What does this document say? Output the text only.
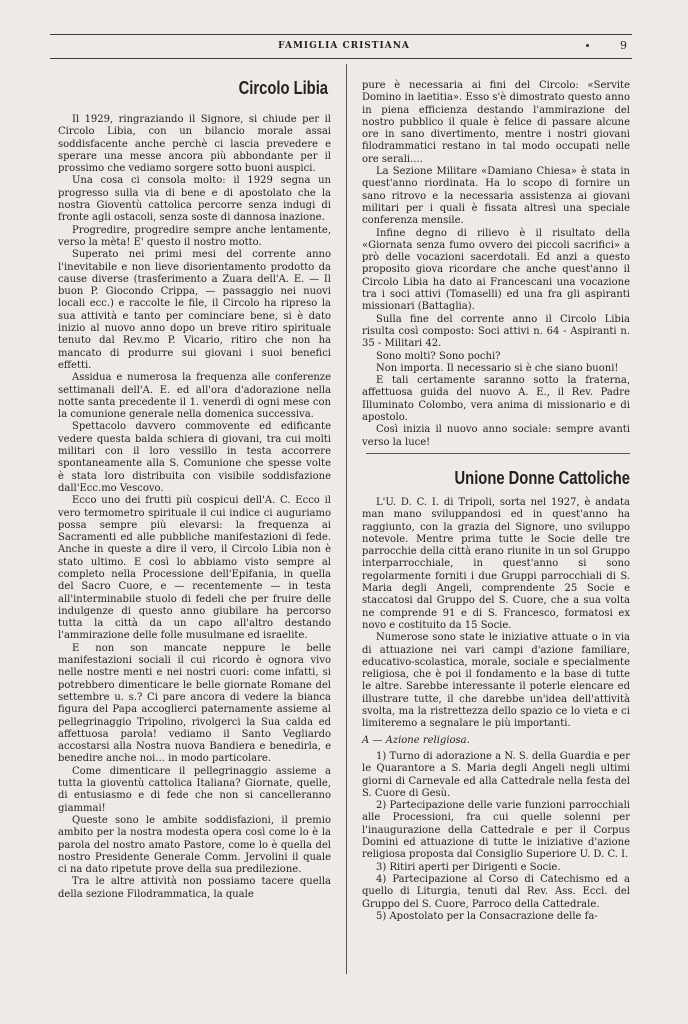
FAMIGLIA CRISTIANA	9
Circolo Libia

Il 1929, ringraziando il Signore, si chiude per il Circolo Libia, con un bilancio morale assai soddisfacente anche perchè ci lascia prevedere e sperare una messe ancora più abbondante per il prossimo che vediamo sorgere sotto buoni auspici.

Una cosa ci consola molto: il 1929 segna un progresso sulla via di bene e di apostolato che la nostra Gioventù cattolica percorre senza indugi di fronte agli ostacoli, senza soste di dannosa inazione.

Progredire, progredire sempre anche lentamente, verso la mèta! E' questo il nostro motto.

Superato nei primi mesi del corrente anno l'inevitabile e non lieve disorientamento prodotto da cause diverse (trasferimento a Zuara dell'A. E. — Il buon P. Giocondo Crippa, — passaggio nei nuovi locali ecc.) e raccolte le file, il Circolo ha ripreso la sua attività e tanto per cominciare bene, si è dato inizio al nuovo anno dopo un breve ritiro spirituale tenuto dal Rev.mo P. Vicario, ritiro che non ha mancato di produrre sui giovani i suoi benefici effetti.

Assidua e numerosa la frequenza alle conferenze settimanali dell'A. E. ed all'ora d'adorazione nella notte santa precedente il 1. venerdì di ogni mese con la comunione generale nella domenica successiva.

Spettacolo davvero commovente ed edificante vedere questa balda schiera di giovani, tra cui molti militari con il loro vessillo in testa accorrere spontaneamente alla S. Comunione che spesse volte è stata loro distribuita con visibile soddisfazione dall'Ecc.mo Vescovo.

Ecco uno dei frutti più cospicui dell'A. C. Ecco il vero termometro spirituale il cui indice ci auguriamo possa sempre più elevarsi: la frequenza ai Sacramenti ed alle pubbliche manifestazioni di fede. Anche in queste a dire il vero, il Circolo Libia non è stato ultimo. E così lo abbiamo visto sempre al completo nella Processione dell'Epifania, in quella del Sacro Cuore, e — recentemente — in testa all'interminabile stuolo di fedeli che per fruire delle indulgenze di questo anno giubilare ha percorso tutta la città da un capo all'altro destando l'ammirazione delle folle musulmane ed israelite.

E non son mancate neppure le belle manifestazioni sociali il cui ricordo è ognora vivo nelle nostre menti e nei nostri cuori: come infatti, si potrebbero dimenticare le belle giornate Romane del settembre u. s.? Ci pare ancora di vedere la bianca figura del Papa accoglierci paternamente assieme al pellegrinaggio Tripolino, rivolgerci la Sua calda ed affettuosa parola! vediamo il Santo Vegliardo accostarsi alla Nostra nuova Bandiera e benedirla, e benedire anche noi... in modo particolare.

Come dimenticare il pellegrinaggio assieme a tutta la gioventù cattolica Italiana? Giornate, quelle, di entusiasmo e di fede che non si cancelleranno giammai!

Queste sono le ambite soddisfazioni, il premio ambito per la nostra modesta opera così come lo è la parola del nostro amato Pastore, come lo è quella del nostro Presidente Generale Comm. Jervolini il quale ci na dato ripetute prove della sua predilezione.

Tra le altre attività non possiamo tacere quella della sezione Filodrammatica, la quale

pure è necessaria ai fini del Circolo: «Servite Domino in laetitia». Esso s'è dimostrato questo anno in piena efficienza destando l'ammirazione del nostro pubblico il quale è felice di passare alcune ore in sano divertimento, mentre i nostri giovani filodrammatici restano in tal modo occupati nelle ore serali....

La Sezione Militare «Damiano Chiesa» è stata in quest'anno riordinata. Ha lo scopo di fornire un sano ritrovo e la necessaria assistenza ai giovani militari per i quali è fissata altresì una speciale conferenza mensile.

Infine degno di rilievo è il risultato della «Giornata senza fumo ovvero dei piccoli sacrifici» a prò delle vocazioni sacerdotali. Ed anzi a questo proposito giova ricordare che anche quest'anno il Circolo Libia ha dato ai Francescani una vocazione tra i soci attivi (Tomaselli) ed una fra gli aspiranti missionari (Battaglia).

Sulla fine del corrente anno il Circolo Libia risulta così composto: Soci attivi n. 64 - Aspiranti n. 35 - Militari 42.

Sono molti? Sono pochi?

Non importa. Il necessario si è che siano buoni!

E tali certamente saranno sotto la fraterna, affettuosa guida del nuovo A. E., il Rev. Padre Illuminato Colombo, vera anima di missionario e di apostolo.

Così inizia il nuovo anno sociale: sempre avanti verso la luce!

Unione Donne Cattoliche

L'U. D. C. I. di Tripoli, sorta nel 1927, è andata man mano sviluppandosi ed in quest'anno ha raggiunto, con la grazia del Signore, uno sviluppo notevole. Mentre prima tutte le Socie delle tre parrocchie della città erano riunite in un sol Gruppo interparrocchiale, in quest'anno si sono regolarmente forniti i due Gruppi parrocchiali di S. Maria degli Angeli, comprendente 25 Socie e staccatosi dal Gruppo del S. Cuore, che a sua volta ne comprende 91 e di S. Francesco, formatosi ex novo e costituito da 15 Socie.

Numerose sono state le iniziative attuate o in via di attuazione nei vari campi d'azione familiare, educativo-scolastica, morale, sociale e specialmente religiosa, che è poi il fondamento e la base di tutte le altre. Sarebbe interessante il poterle elencare ed illustrare tutte, il che darebbe un'idea dell'attività svolta, ma la ristrettezza dello spazio ce lo vieta e ci limiteremo a segnalare le più importanti.

A — Azione religiosa.

1) Turno di adorazione a N. S. della Guardia e per le Quarantore a S. Maria degli Angeli negli ultimi giorni di Carnevale ed alla Cattedrale nella festa del S. Cuore di Gesù.

2) Partecipazione delle varie funzioni parrocchiali alle Processioni, fra cui quelle solenni per l'inaugurazione della Cattedrale e per il Corpus Domini ed attuazione di tutte le iniziative d'azione religiosa proposta dal Consiglio Superiore U. D. C. I.

3) Ritiri aperti per Dirigenti e Socie.

4) Partecipazione al Corso di Catechismo ed a quello di Liturgia, tenuti dal Rev. Ass. Eccl. del Gruppo del S. Cuore, Parroco della Cattedrale.

5) Apostolato per la Consacrazione delle fa-
